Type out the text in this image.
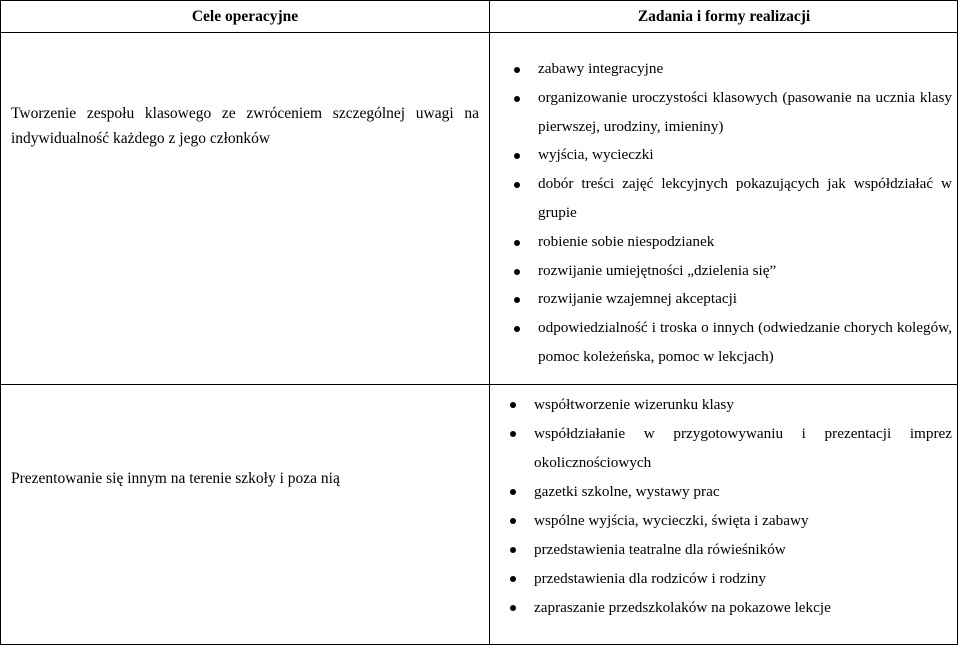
Cele operacyjne	Zadania i formy realizacji
Tworzenie zespołu klasowego ze zwróceniem szczególnej uwagi na indywidualność każdego z jego członków
zabawy integracyjne
organizowanie uroczystości klasowych (pasowanie na ucznia klasy pierwszej, urodziny, imieniny)
wyjścia, wycieczki
dobór treści zajęć lekcyjnych pokazujących jak współdziałać w grupie
robienie sobie niespodzianek
rozwijanie umiejętności „dzielenia się”
rozwijanie wzajemnej akceptacji
odpowiedzialność i troska o innych (odwiedzanie chorych kolegów, pomoc koleżeńska, pomoc w lekcjach)
Prezentowanie się innym na terenie szkoły i poza nią
współtworzenie wizerunku klasy
współdziałanie w przygotowywaniu i prezentacji imprez okolicznościowych
gazetki szkolne, wystawy prac
wspólne wyjścia, wycieczki, święta i zabawy
przedstawienia teatralne dla rówieśników
przedstawienia dla rodziców i rodziny
zapraszanie przedszkolaków na pokazowe lekcje
